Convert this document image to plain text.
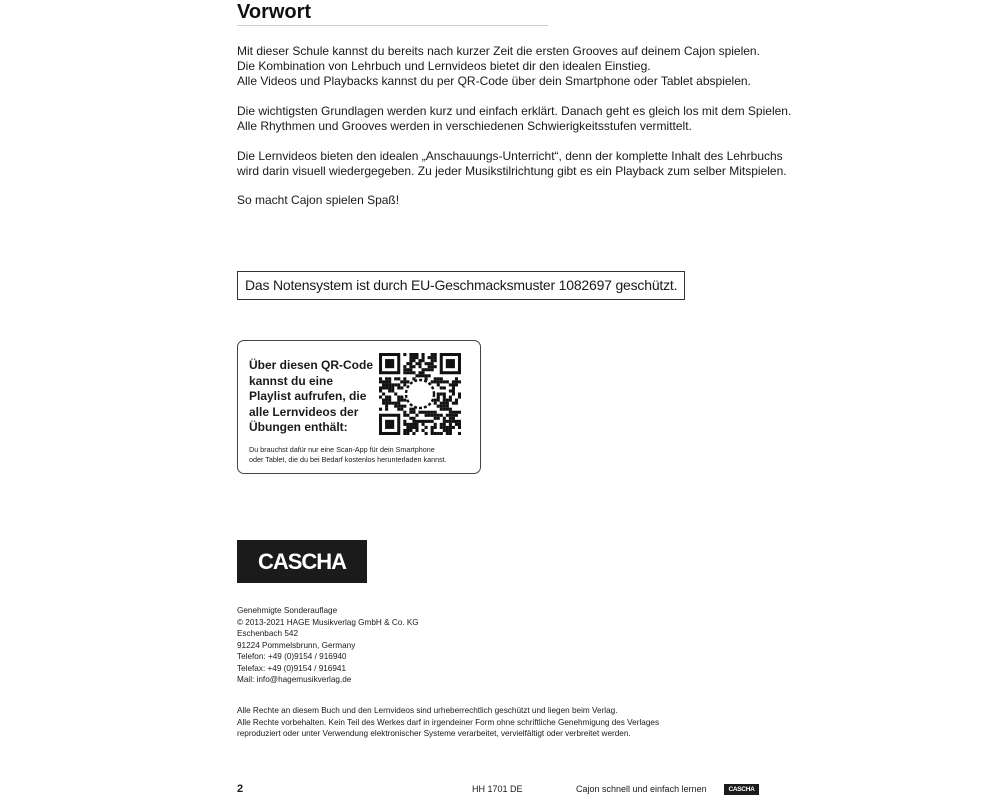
Vorwort

Mit dieser Schule kannst du bereits nach kurzer Zeit die ersten Grooves auf deinem Cajon spielen.
Die Kombination von Lehrbuch und Lernvideos bietet dir den idealen Einstieg.
Alle Videos und Playbacks kannst du per QR-Code über dein Smartphone oder Tablet abspielen.

Die wichtigsten Grundlagen werden kurz und einfach erklärt. Danach geht es gleich los mit dem Spielen.
Alle Rhythmen und Grooves werden in verschiedenen Schwierigkeitsstufen vermittelt.

Die Lernvideos bieten den idealen „Anschauungs-Unterricht“, denn der komplette Inhalt des Lehrbuchs
wird darin visuell wiedergegeben. Zu jeder Musikstilrichtung gibt es ein Playback zum selber Mitspielen.

So macht Cajon spielen Spaß!

Das Notensystem ist durch EU-Geschmacksmuster 1082697 geschützt.

Über diesen QR-Code
kannst du eine
Playlist aufrufen, die
alle Lernvideos der
Übungen enthält:

Du brauchst dafür nur eine Scan-App für dein Smartphone
oder Tablet, die du bei Bedarf kostenlos herunterladen kannst.

CASCHA

Genehmigte Sonderauflage
© 2013-2021 HAGE Musikverlag GmbH & Co. KG
Eschenbach 542
91224 Pommelsbrunn, Germany
Telefon: +49 (0)9154 / 916940
Telefax: +49 (0)9154 / 916941
Mail: info@hagemusikverlag.de

Alle Rechte an diesem Buch und den Lernvideos sind urheberrechtlich geschützt und liegen beim Verlag.
Alle Rechte vorbehalten. Kein Teil des Werkes darf in irgendeiner Form ohne schriftliche Genehmigung des Verlages
reproduziert oder unter Verwendung elektronischer Systeme verarbeitet, vervielfältigt oder verbreitet werden.

2	HH 1701 DE	Cajon schnell und einfach lernen	CASCHA
